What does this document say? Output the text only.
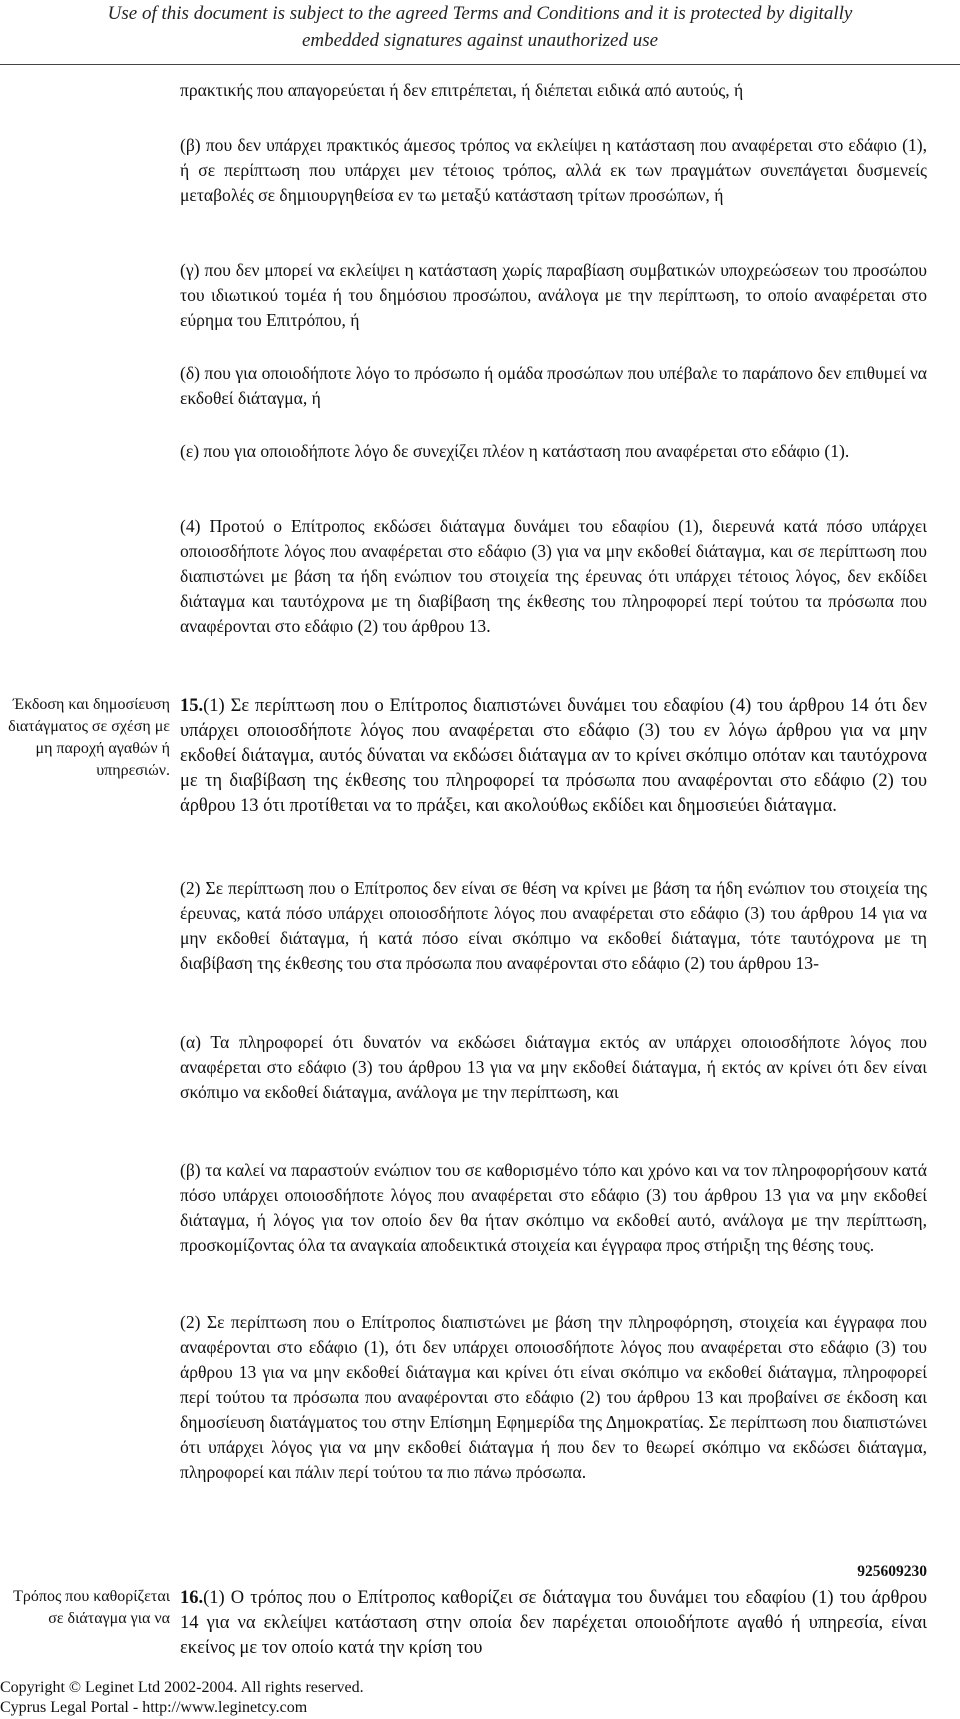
Use of this document is subject to the agreed Terms and Conditions and it is protected by digitally
embedded signatures against unauthorized use
πρακτικής που απαγορεύεται ή δεν επιτρέπεται, ή διέπεται ειδικά από αυτούς, ή
(β) που δεν υπάρχει πρακτικός άμεσος τρόπος να εκλείψει η κατάσταση που αναφέρεται στο εδάφιο (1), ή σε περίπτωση που υπάρχει μεν τέτοιος τρόπος, αλλά εκ των πραγμάτων συνεπάγεται δυσμενείς μεταβολές σε δημιουργηθείσα εν τω μεταξύ κατάσταση τρίτων προσώπων, ή
(γ) που δεν μπορεί να εκλείψει η κατάσταση χωρίς παραβίαση συμβατικών υποχρεώσεων του προσώπου του ιδιωτικού τομέα ή του δημόσιου προσώπου, ανάλογα με την περίπτωση, το οποίο αναφέρεται στο εύρημα του Επιτρόπου, ή
(δ) που για οποιοδήποτε λόγο το πρόσωπο ή ομάδα προσώπων που υπέβαλε το παράπονο δεν επιθυμεί να εκδοθεί διάταγμα, ή
(ε) που για οποιοδήποτε λόγο δε συνεχίζει πλέον η κατάσταση που αναφέρεται στο εδάφιο (1).
(4) Προτού ο Επίτροπος εκδώσει διάταγμα δυνάμει του εδαφίου (1), διερευνά κατά πόσο υπάρχει οποιοσδήποτε λόγος που αναφέρεται στο εδάφιο (3) για να μην εκδοθεί διάταγμα, και σε περίπτωση που διαπιστώνει με βάση τα ήδη ενώπιον του στοιχεία της έρευνας ότι υπάρχει τέτοιος λόγος, δεν εκδίδει διάταγμα και ταυτόχρονα με τη διαβίβαση της έκθεσης του πληροφορεί περί τούτου τα πρόσωπα που αναφέρονται στο εδάφιο (2) του άρθρου 13.
Έκδοση και δημοσίευση διατάγματος σε σχέση με μη παροχή αγαθών ή υπηρεσιών.
15.(1) Σε περίπτωση που ο Επίτροπος διαπιστώνει δυνάμει του εδαφίου (4) του άρθρου 14 ότι δεν υπάρχει οποιοσδήποτε λόγος που αναφέρεται στο εδάφιο (3) του εν λόγω άρθρου για να μην εκδοθεί διάταγμα, αυτός δύναται να εκδώσει διάταγμα αν το κρίνει σκόπιμο οπόταν και ταυτόχρονα με τη διαβίβαση της έκθεσης του πληροφορεί τα πρόσωπα που αναφέρονται στο εδάφιο (2) του άρθρου 13 ότι προτίθεται να το πράξει, και ακολούθως εκδίδει και δημοσιεύει διάταγμα.
(2) Σε περίπτωση που ο Επίτροπος δεν είναι σε θέση να κρίνει με βάση τα ήδη ενώπιον του στοιχεία της έρευνας, κατά πόσο υπάρχει οποιοσδήποτε λόγος που αναφέρεται στο εδάφιο (3) του άρθρου 14 για να μην εκδοθεί διάταγμα, ή κατά πόσο είναι σκόπιμο να εκδοθεί διάταγμα, τότε ταυτόχρονα με τη διαβίβαση της έκθεσης του στα πρόσωπα που αναφέρονται στο εδάφιο (2) του άρθρου 13-
(α) Τα πληροφορεί ότι δυνατόν να εκδώσει διάταγμα εκτός αν υπάρχει οποιοσδήποτε λόγος που αναφέρεται στο εδάφιο (3) του άρθρου 13 για να μην εκδοθεί διάταγμα, ή εκτός αν κρίνει ότι δεν είναι σκόπιμο να εκδοθεί διάταγμα, ανάλογα με την περίπτωση, και
(β) τα καλεί να παραστούν ενώπιον του σε καθορισμένο τόπο και χρόνο και να τον πληροφορήσουν κατά πόσο υπάρχει οποιοσδήποτε λόγος που αναφέρεται στο εδάφιο (3) του άρθρου 13 για να μην εκδοθεί διάταγμα, ή λόγος για τον οποίο δεν θα ήταν σκόπιμο να εκδοθεί αυτό, ανάλογα με την περίπτωση, προσκομίζοντας όλα τα αναγκαία αποδεικτικά στοιχεία και έγγραφα προς στήριξη της θέσης τους.
(2) Σε περίπτωση που ο Επίτροπος διαπιστώνει με βάση την πληροφόρηση, στοιχεία και έγγραφα που αναφέρονται στο εδάφιο (1), ότι δεν υπάρχει οποιοσδήποτε λόγος που αναφέρεται στο εδάφιο (3) του άρθρου 13 για να μην εκδοθεί διάταγμα και κρίνει ότι είναι σκόπιμο να εκδοθεί διάταγμα, πληροφορεί περί τούτου τα πρόσωπα που αναφέρονται στο εδάφιο (2) του άρθρου 13 και προβαίνει σε έκδοση και δημοσίευση διατάγματος του στην Επίσημη Εφημερίδα της Δημοκρατίας. Σε περίπτωση που διαπιστώνει ότι υπάρχει λόγος για να μην εκδοθεί διάταγμα ή που δεν το θεωρεί σκόπιμο να εκδώσει διάταγμα, πληροφορεί και πάλιν περί τούτου τα πιο πάνω πρόσωπα.
925609230
Τρόπος που καθορίζεται σε διάταγμα για να
16.(1) Ο τρόπος που ο Επίτροπος καθορίζει σε διάταγμα του δυνάμει του εδαφίου (1) του άρθρου 14 για να εκλείψει κατάσταση στην οποία δεν παρέχεται οποιοδήποτε αγαθό ή υπηρεσία, είναι εκείνος με τον οποίο κατά την κρίση του
Copyright © Leginet Ltd 2002-2004. All rights reserved.
Cyprus Legal Portal - http://www.leginetcy.com
